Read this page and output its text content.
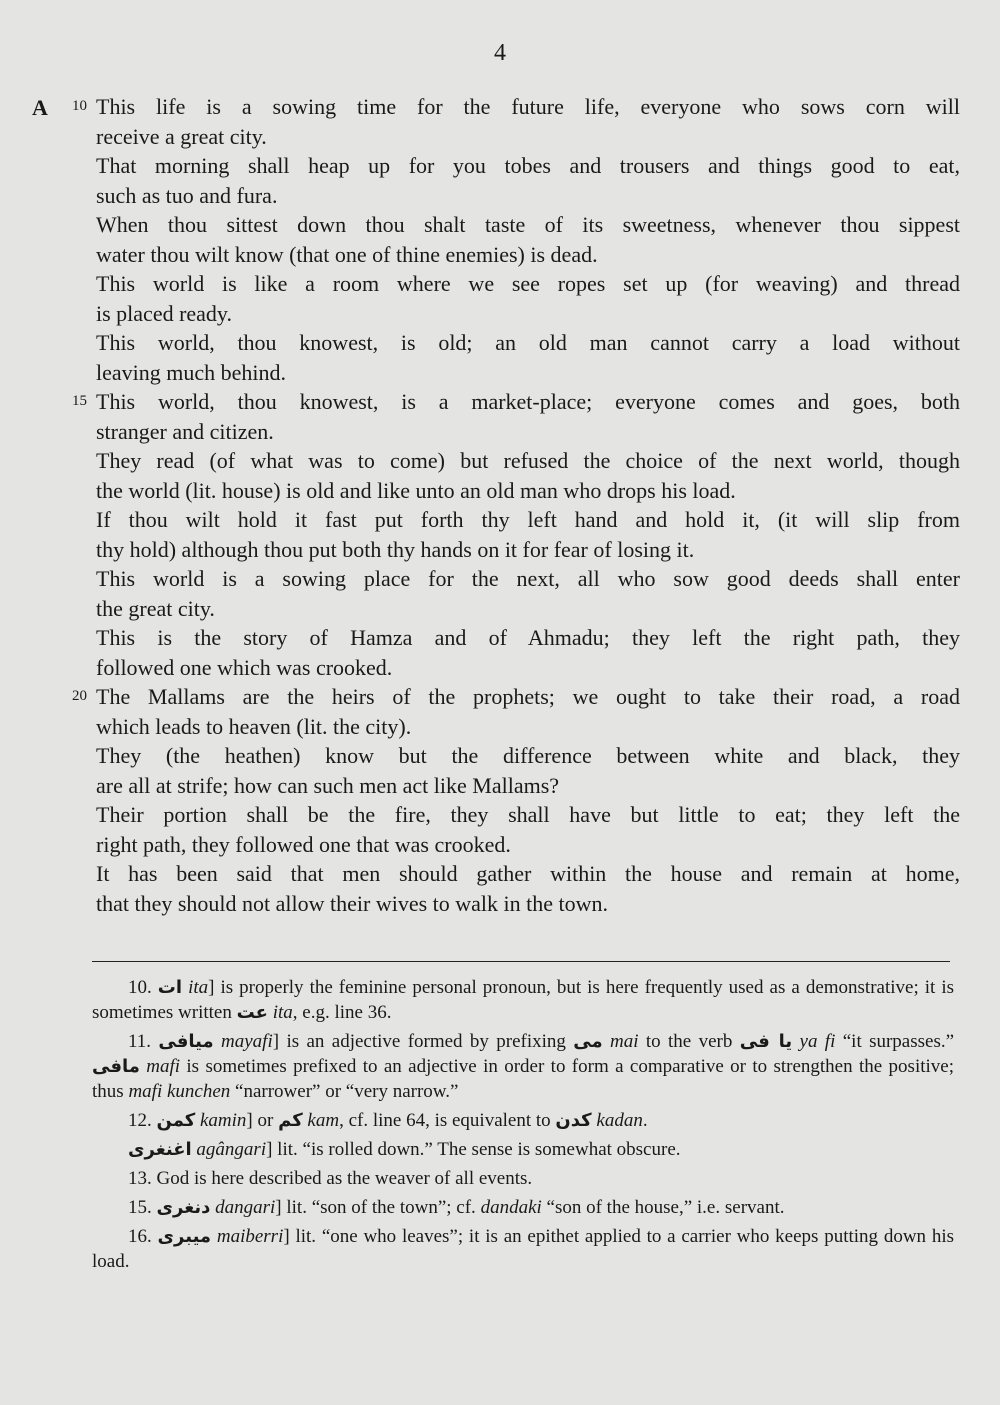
4
A 10 This life is a sowing time for the future life, everyone who sows corn will
receive a great city.
That morning shall heap up for you tobes and trousers and things good to eat,
such as tuo and fura.
When thou sittest down thou shalt taste of its sweetness, whenever thou sippest
water thou wilt know (that one of thine enemies) is dead.
This world is like a room where we see ropes set up (for weaving) and thread
is placed ready.
This world, thou knowest, is old; an old man cannot carry a load without
leaving much behind.
15 This world, thou knowest, is a market-place; everyone comes and goes, both
stranger and citizen.
They read (of what was to come) but refused the choice of the next world, though
the world (lit. house) is old and like unto an old man who drops his load.
If thou wilt hold it fast put forth thy left hand and hold it, (it will slip from
thy hold) although thou put both thy hands on it for fear of losing it.
This world is a sowing place for the next, all who sow good deeds shall enter
the great city.
This is the story of Hamza and of Ahmadu; they left the right path, they
followed one which was crooked.
20 The Mallams are the heirs of the prophets; we ought to take their road, a road
which leads to heaven (lit. the city).
They (the heathen) know but the difference between white and black, they
are all at strife; how can such men act like Mallams?
Their portion shall be the fire, they shall have but little to eat; they left the
right path, they followed one that was crooked.
It has been said that men should gather within the house and remain at home,
that they should not allow their wives to walk in the town.
10. ات ita] is properly the feminine personal pronoun, but is here frequently used as a demonstrative; it is sometimes written عت ita, e.g. line 36.
11. ميافى mayafi] is an adjective formed by prefixing مى mai to the verb يا فى ya fi “it surpasses.” مافى mafi is sometimes prefixed to an adjective in order to form a comparative or to strengthen the positive; thus mafi kunchen “narrower” or “very narrow.”
12. كمن kamin] or كم kam, cf. line 64, is equivalent to كدن kadan.
اغنغرى agângari] lit. “is rolled down.” The sense is somewhat obscure.
13. God is here described as the weaver of all events.
15. دنغرى dangari] lit. “son of the town”; cf. dandaki “son of the house,” i.e. servant.
16. ميبرى maiberri] lit. “one who leaves”; it is an epithet applied to a carrier who keeps putting down his load.
